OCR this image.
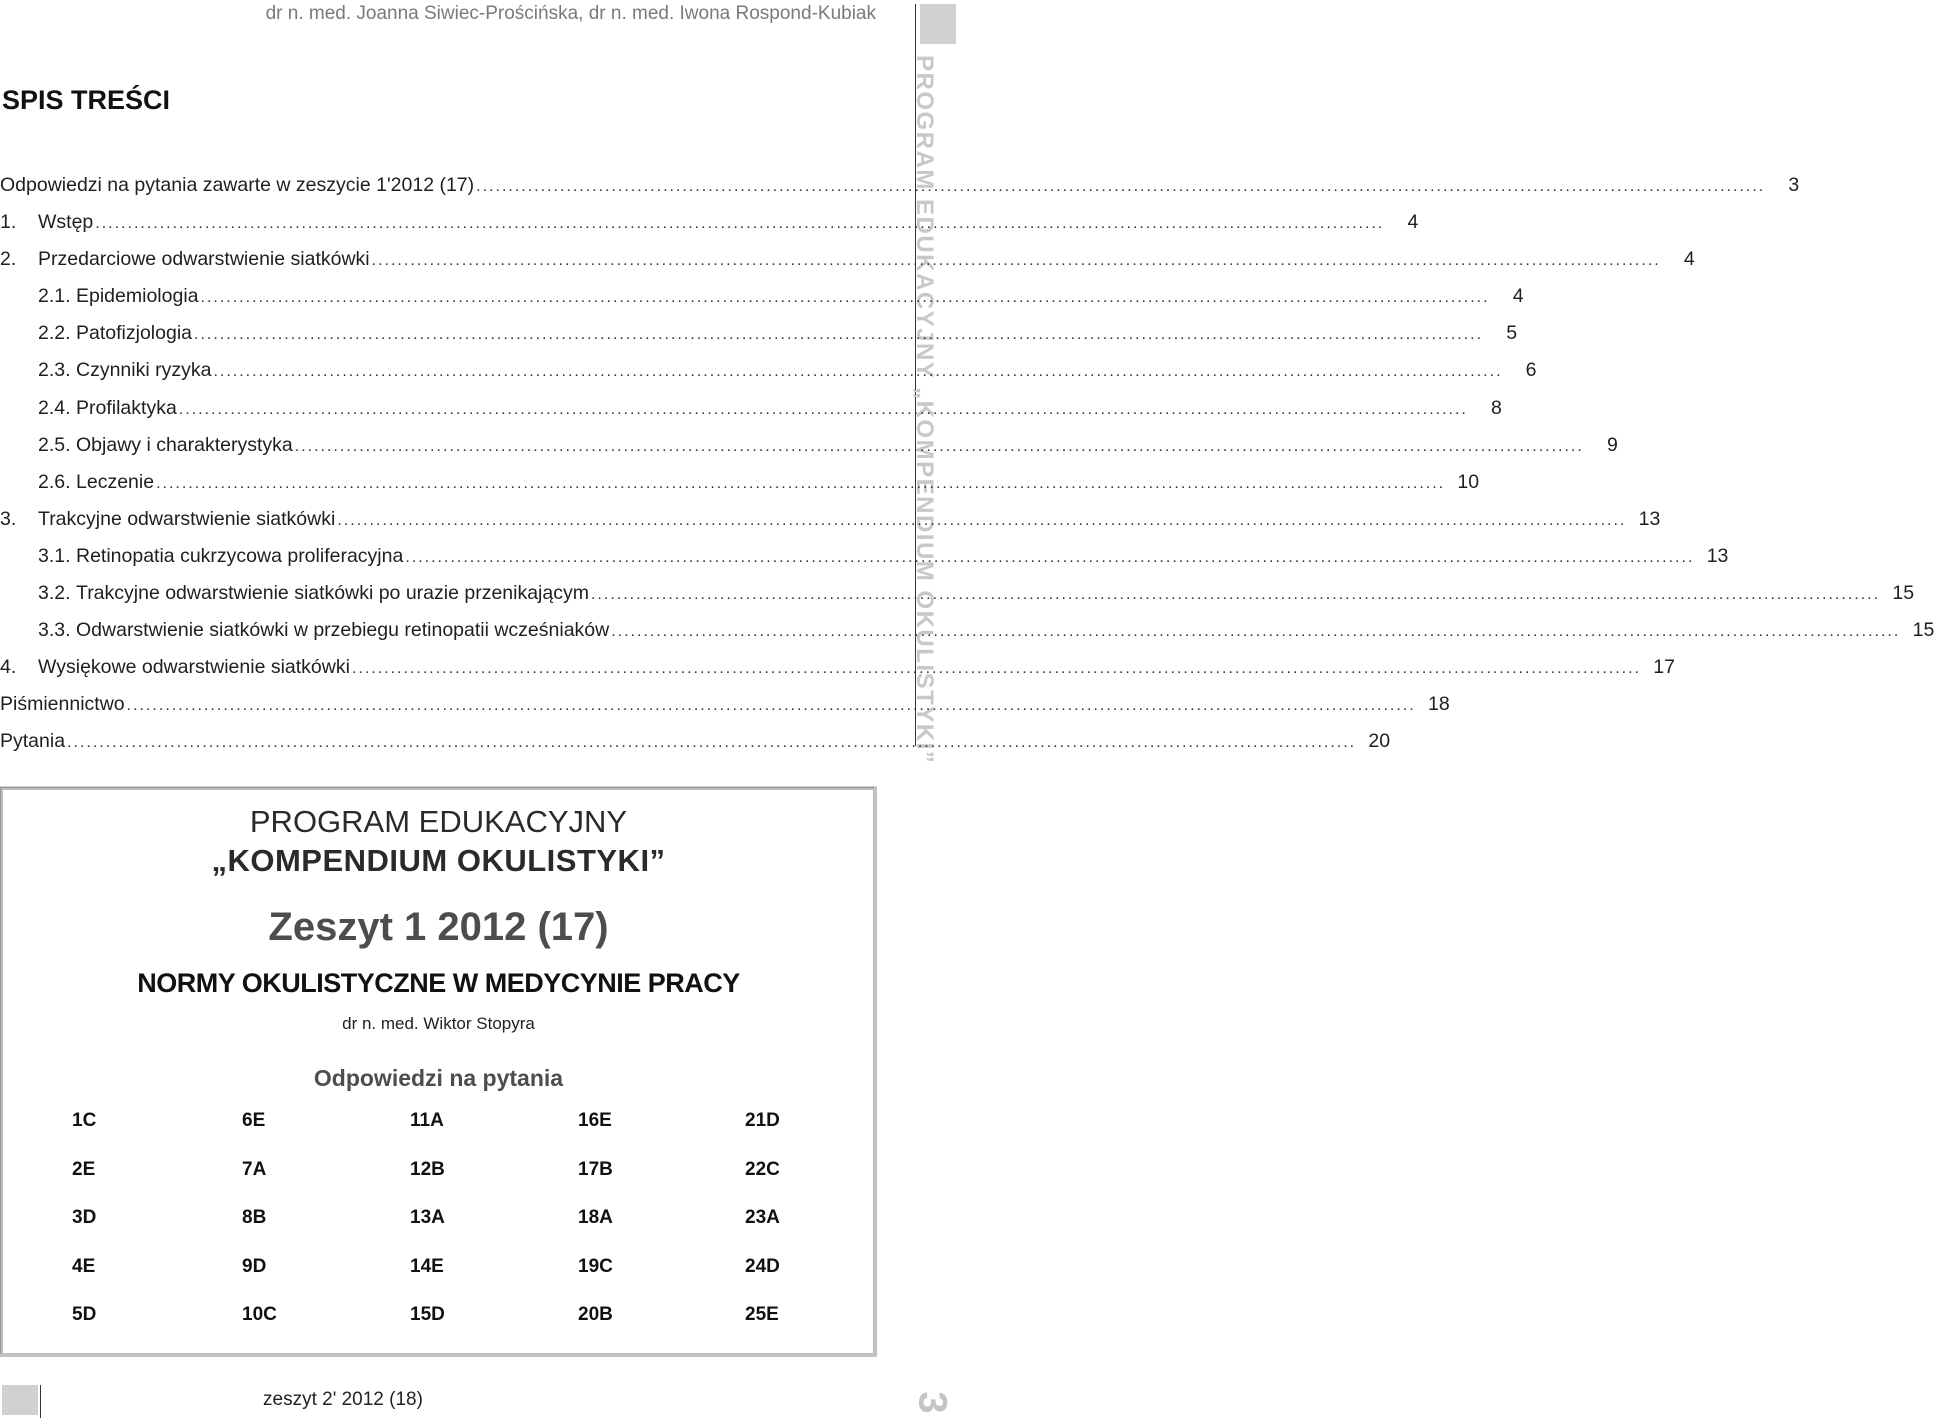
dr n. med. Joanna Siwiec-Prościńska, dr n. med. Iwona Rospond-Kubiak
PROGRAM EDUKACYJNY „KOMPENDIUM OKULISTYKI”
SPIS TREŚCI
Odpowiedzi na pytania zawarte w zeszycie 1'2012 (17) ........................................................................................................................................................................................................	3
1.	Wstęp ........................................................................................................................................................................................................	4
2.	Przedarciowe odwarstwienie siatkówki ........................................................................................................................................................................................................	4
2.1. Epidemiologia ........................................................................................................................................................................................................	4
2.2. Patofizjologia ........................................................................................................................................................................................................	5
2.3. Czynniki ryzyka ........................................................................................................................................................................................................	6
2.4. Profilaktyka ........................................................................................................................................................................................................	8
2.5. Objawy i charakterystyka ........................................................................................................................................................................................................	9
2.6. Leczenie ........................................................................................................................................................................................................ 10
3.	Trakcyjne odwarstwienie siatkówki ........................................................................................................................................................................................................ 13
3.1. Retinopatia cukrzycowa proliferacyjna ........................................................................................................................................................................................................ 13
3.2. Trakcyjne odwarstwienie siatkówki po urazie przenikającym ........................................................................................................................................................................................................ 15
3.3. Odwarstwienie siatkówki w przebiegu retinopatii wcześniaków ........................................................................................................................................................................................................ 15
4.	Wysiękowe odwarstwienie siatkówki ........................................................................................................................................................................................................ 17
Piśmiennictwo ........................................................................................................................................................................................................ 18
Pytania ........................................................................................................................................................................................................ 20
PROGRAM EDUKACYJNY
„KOMPENDIUM OKULISTYKI”
Zeszyt 1 2012 (17)
NORMY OKULISTYCZNE W MEDYCYNIE PRACY
dr n. med. Wiktor Stopyra
Odpowiedzi na pytania
1C	6E	11A	16E	21D
2E	7A	12B	17B	22C
3D	8B	13A	18A	23A
4E	9D	14E	19C	24D
5D	10C	15D	20B	25E
zeszyt 2' 2012 (18)	3
